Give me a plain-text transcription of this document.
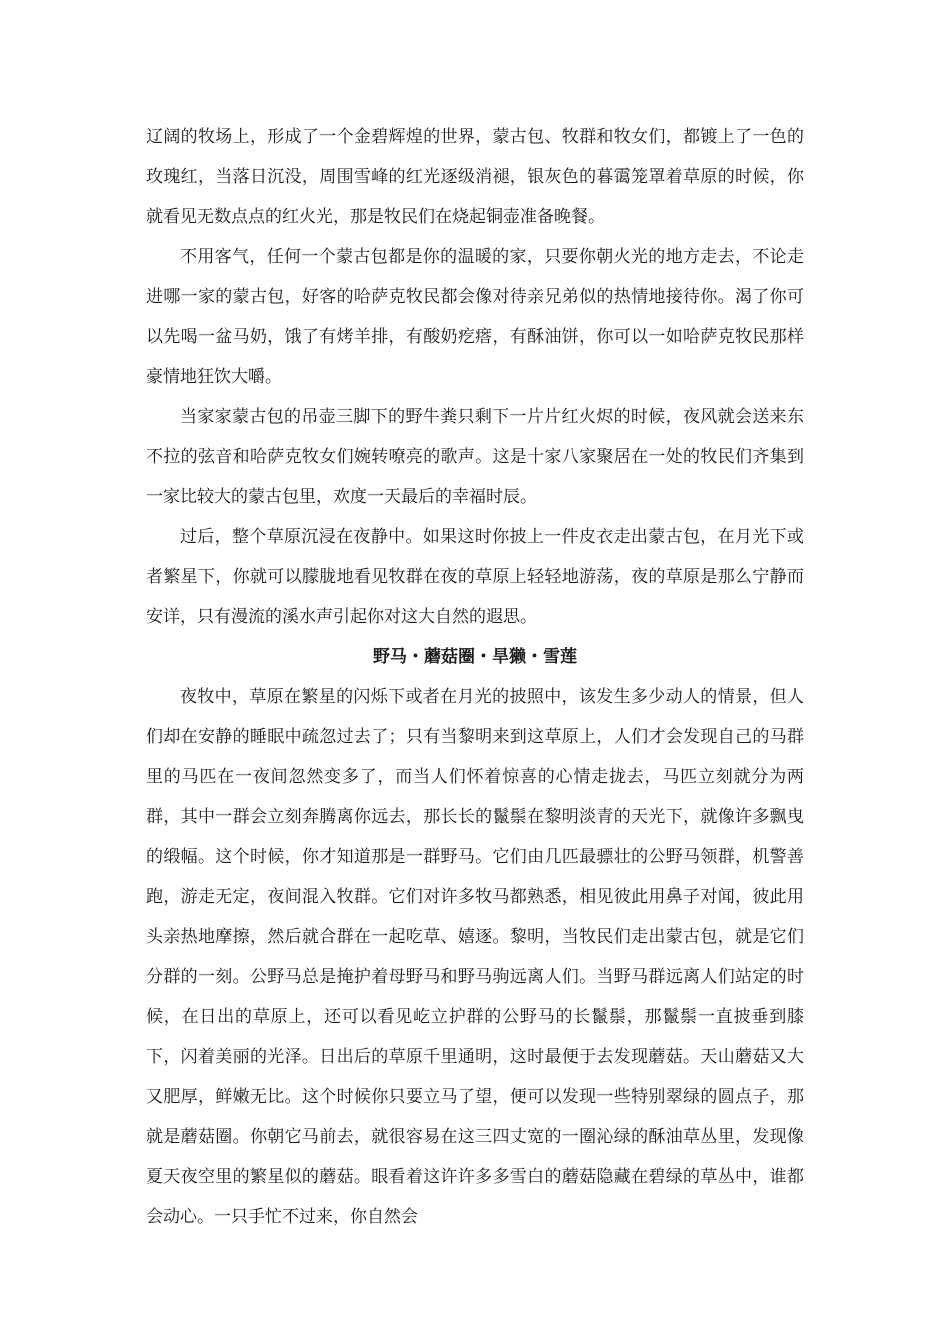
辽阔的牧场上，形成了一个金碧辉煌的世界，蒙古包、牧群和牧女们，都镀上了一色的玫瑰红，当落日沉没，周围雪峰的红光逐级消褪，银灰色的暮霭笼罩着草原的时候，你就看见无数点点的红火光，那是牧民们在烧起铜壶准备晚餐。

不用客气，任何一个蒙古包都是你的温暖的家，只要你朝火光的地方走去，不论走进哪一家的蒙古包，好客的哈萨克牧民都会像对待亲兄弟似的热情地接待你。渴了你可以先喝一盆马奶，饿了有烤羊排，有酸奶疙瘩，有酥油饼，你可以一如哈萨克牧民那样豪情地狂饮大嚼。

当家家蒙古包的吊壶三脚下的野牛粪只剩下一片片红火烬的时候，夜风就会送来东不拉的弦音和哈萨克牧女们婉转嘹亮的歌声。这是十家八家聚居在一处的牧民们齐集到一家比较大的蒙古包里，欢度一天最后的幸福时辰。

过后，整个草原沉浸在夜静中。如果这时你披上一件皮衣走出蒙古包，在月光下或者繁星下，你就可以朦胧地看见牧群在夜的草原上轻轻地游荡，夜的草原是那么宁静而安详，只有漫流的溪水声引起你对这大自然的遐思。

野马・蘑菇圈・旱獭・雪莲

夜牧中，草原在繁星的闪烁下或者在月光的披照中，该发生多少动人的情景，但人们却在安静的睡眠中疏忽过去了；只有当黎明来到这草原上，人们才会发现自己的马群里的马匹在一夜间忽然变多了，而当人们怀着惊喜的心情走拢去，马匹立刻就分为两群，其中一群会立刻奔腾离你远去，那长长的鬣鬃在黎明淡青的天光下，就像许多飘曳的缎幅。这个时候，你才知道那是一群野马。它们由几匹最骠壮的公野马领群，机警善跑，游走无定，夜间混入牧群。它们对许多牧马都熟悉，相见彼此用鼻子对闻，彼此用头亲热地摩擦，然后就合群在一起吃草、嬉逐。黎明，当牧民们走出蒙古包，就是它们分群的一刻。公野马总是掩护着母野马和野马驹远离人们。当野马群远离人们站定的时候，在日出的草原上，还可以看见屹立护群的公野马的长鬣鬃，那鬣鬃一直披垂到膝下，闪着美丽的光泽。日出后的草原千里通明，这时最便于去发现蘑菇。天山蘑菇又大又肥厚，鲜嫩无比。这个时候你只要立马了望，便可以发现一些特别翠绿的圆点子，那就是蘑菇圈。你朝它马前去，就很容易在这三四丈宽的一圈沁绿的酥油草丛里，发现像夏天夜空里的繁星似的蘑菇。眼看着这许许多多雪白的蘑菇隐藏在碧绿的草丛中，谁都会动心。一只手忙不过来，你自然会
